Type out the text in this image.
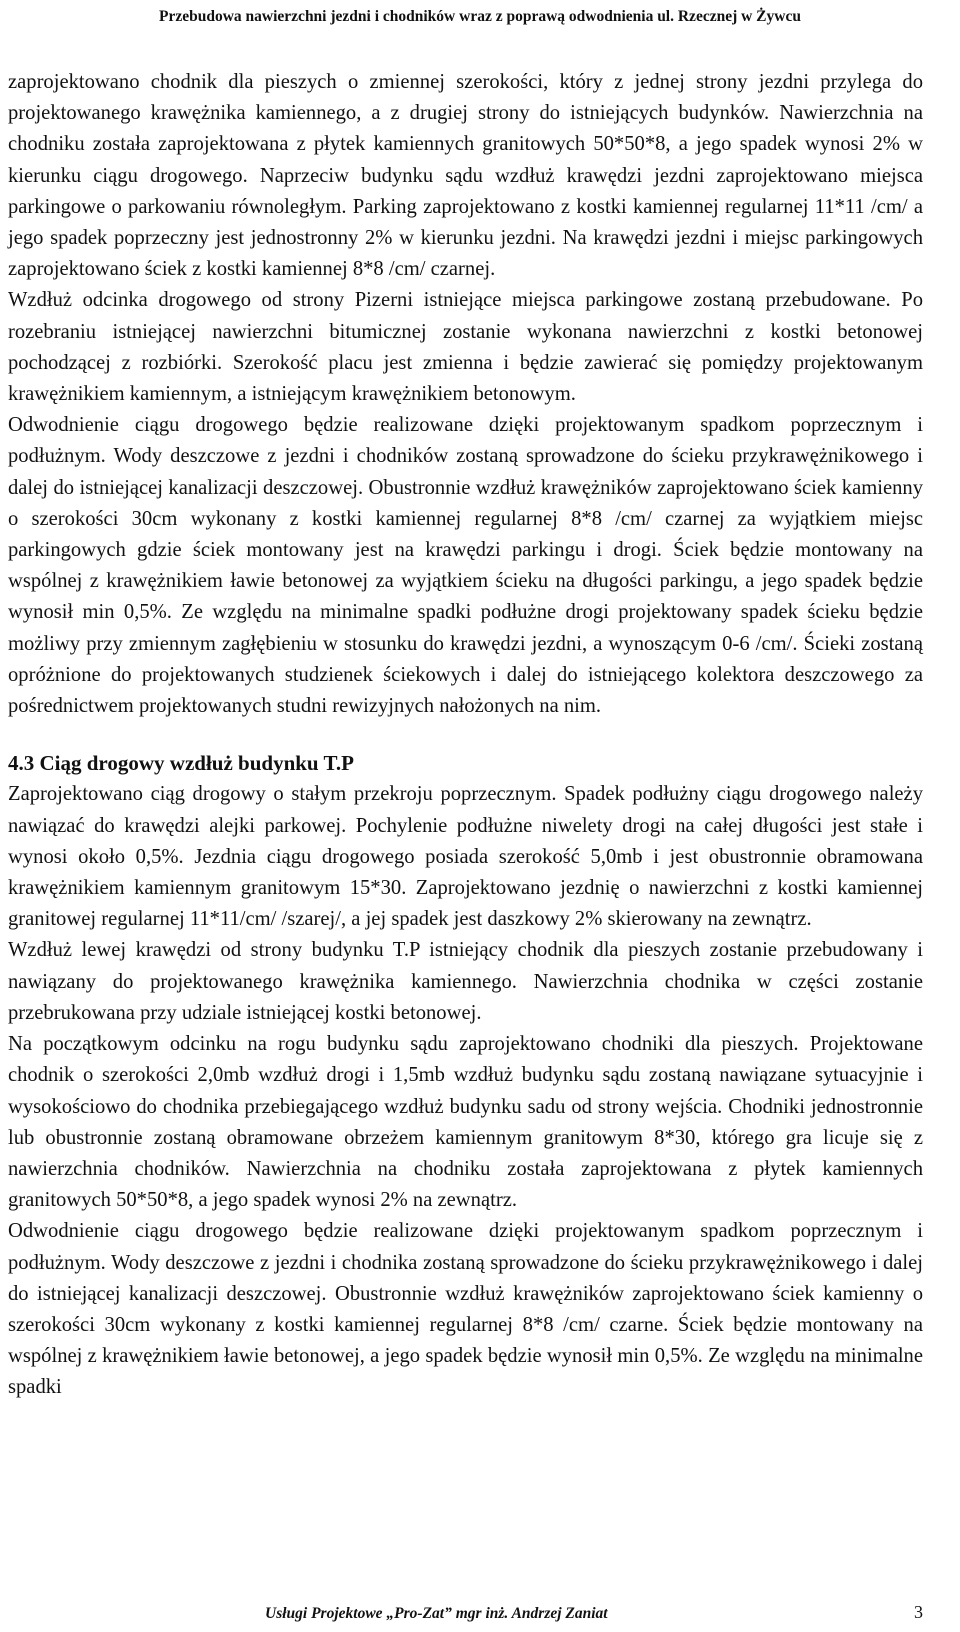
Przebudowa nawierzchni jezdni i chodników wraz z poprawą odwodnienia ul. Rzecznej w Żywcu

zaprojektowano chodnik dla pieszych o zmiennej szerokości, który z jednej strony jezdni przylega do projektowanego krawężnika kamiennego, a z drugiej strony do istniejących budynków. Nawierzchnia na chodniku została zaprojektowana z płytek kamiennych granitowych 50*50*8, a jego spadek wynosi 2% w kierunku ciągu drogowego. Naprzeciw budynku sądu wzdłuż krawędzi jezdni zaprojektowano miejsca parkingowe o parkowaniu równoległym. Parking zaprojektowano z kostki kamiennej regularnej 11*11 /cm/ a jego spadek poprzeczny jest jednostronny 2% w kierunku jezdni. Na krawędzi jezdni i miejsc parkingowych zaprojektowano ściek z kostki kamiennej 8*8 /cm/ czarnej.

Wzdłuż odcinka drogowego od strony Pizerni istniejące miejsca parkingowe zostaną przebudowane. Po rozebraniu istniejącej nawierzchni bitumicznej zostanie wykonana nawierzchni z kostki betonowej pochodzącej z rozbiórki. Szerokość placu jest zmienna i będzie zawierać się pomiędzy projektowanym krawężnikiem kamiennym, a istniejącym krawężnikiem betonowym.

Odwodnienie ciągu drogowego będzie realizowane dzięki projektowanym spadkom poprzecznym i podłużnym. Wody deszczowe z jezdni i chodników zostaną sprowadzone do ścieku przykrawężnikowego i dalej do istniejącej kanalizacji deszczowej. Obustronnie wzdłuż krawężników zaprojektowano ściek kamienny o szerokości 30cm wykonany z kostki kamiennej regularnej 8*8 /cm/ czarnej za wyjątkiem miejsc parkingowych gdzie ściek montowany jest na krawędzi parkingu i drogi. Ściek będzie montowany na wspólnej z krawężnikiem ławie betonowej za wyjątkiem ścieku na długości parkingu, a jego spadek będzie wynosił min 0,5%. Ze względu na minimalne spadki podłużne drogi projektowany spadek ścieku będzie możliwy przy zmiennym zagłębieniu w stosunku do krawędzi jezdni, a wynoszącym 0-6 /cm/. Ścieki zostaną opróżnione do projektowanych studzienek ściekowych i dalej do istniejącego kolektora deszczowego za pośrednictwem projektowanych studni rewizyjnych nałożonych na nim.

4.3 Ciąg drogowy wzdłuż budynku T.P

Zaprojektowano ciąg drogowy o stałym przekroju poprzecznym. Spadek podłużny ciągu drogowego należy nawiązać do krawędzi alejki parkowej. Pochylenie podłużne niwelety drogi na całej długości jest stałe i wynosi około 0,5%. Jezdnia ciągu drogowego posiada szerokość 5,0mb i jest obustronnie obramowana krawężnikiem kamiennym granitowym 15*30. Zaprojektowano jezdnię o nawierzchni z kostki kamiennej granitowej regularnej 11*11/cm/ /szarej/, a jej spadek jest daszkowy 2% skierowany na zewnątrz.

Wzdłuż lewej krawędzi od strony budynku T.P istniejący chodnik dla pieszych zostanie przebudowany i nawiązany do projektowanego krawężnika kamiennego. Nawierzchnia chodnika w części zostanie przebrukowana przy udziale istniejącej kostki betonowej.

Na początkowym odcinku na rogu budynku sądu zaprojektowano chodniki dla pieszych. Projektowane chodnik o szerokości 2,0mb wzdłuż drogi i 1,5mb wzdłuż budynku sądu zostaną nawiązane sytuacyjnie i wysokościowo do chodnika przebiegającego wzdłuż budynku sadu od strony wejścia. Chodniki jednostronnie lub obustronnie zostaną obramowane obrzeżem kamiennym granitowym 8*30, którego gra licuje się z nawierzchnia chodników. Nawierzchnia na chodniku została zaprojektowana z płytek kamiennych granitowych 50*50*8, a jego spadek wynosi 2% na zewnątrz.

Odwodnienie ciągu drogowego będzie realizowane dzięki projektowanym spadkom poprzecznym i podłużnym. Wody deszczowe z jezdni i chodnika zostaną sprowadzone do ścieku przykrawężnikowego i dalej do istniejącej kanalizacji deszczowej. Obustronnie wzdłuż krawężników zaprojektowano ściek kamienny o szerokości 30cm wykonany z kostki kamiennej regularnej 8*8 /cm/ czarne. Ściek będzie montowany na wspólnej z krawężnikiem ławie betonowej, a jego spadek będzie wynosił min 0,5%. Ze względu na minimalne spadki

Usługi Projektowe „Pro-Zat” mgr inż. Andrzej Zaniat	3
